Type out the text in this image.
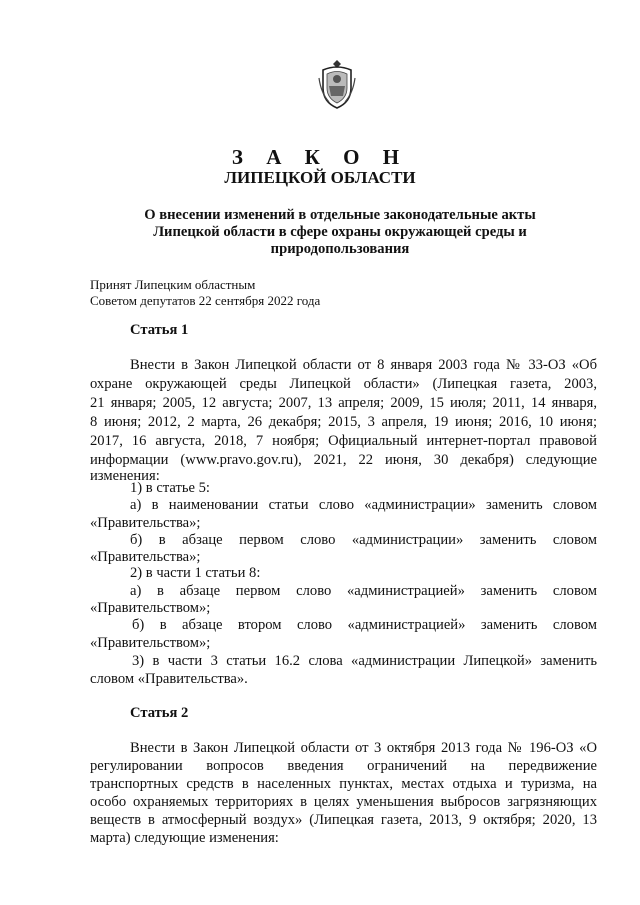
З А К О Н
ЛИПЕЦКОЙ ОБЛАСТИ
О внесении изменений в отдельные законодательные акты
Липецкой области в сфере охраны окружающей среды и
природопользования
Принят Липецким областным
Советом депутатов 22 сентября 2022 года
Статья 1
Внести в Закон Липецкой области от 8 января 2003 года № 33-ОЗ «Об
охране окружающей среды Липецкой области» (Липецкая газета, 2003,
21 января; 2005, 12 августа; 2007, 13 апреля; 2009, 15 июля; 2011, 14 января,
8 июня; 2012, 2 марта, 26 декабря; 2015, 3 апреля, 19 июня; 2016, 10 июня;
2017, 16 августа, 2018, 7 ноября; Официальный интернет-портал правовой
информации (www.pravo.gov.ru), 2021, 22 июня, 30 декабря) следующие
изменения:
1) в статье 5:
а) в наименовании статьи слово «администрации» заменить словом
«Правительства»;
б) в абзаце первом слово «администрации» заменить словом
«Правительства»;
2) в части 1 статьи 8:
а) в абзаце первом слово «администрацией» заменить словом
«Правительством»;
б) в абзаце втором слово «администрацией» заменить словом
«Правительством»;
3) в части 3 статьи 16.2 слова «администрации Липецкой» заменить
словом «Правительства».
Статья 2
Внести в Закон Липецкой области от 3 октября 2013 года № 196-ОЗ «О
регулировании вопросов введения ограничений на передвижение
транспортных средств в населенных пунктах, местах отдыха и туризма, на
особо охраняемых территориях в целях уменьшения выбросов загрязняющих
веществ в атмосферный воздух» (Липецкая газета, 2013, 9 октября; 2020, 13
марта) следующие изменения:
